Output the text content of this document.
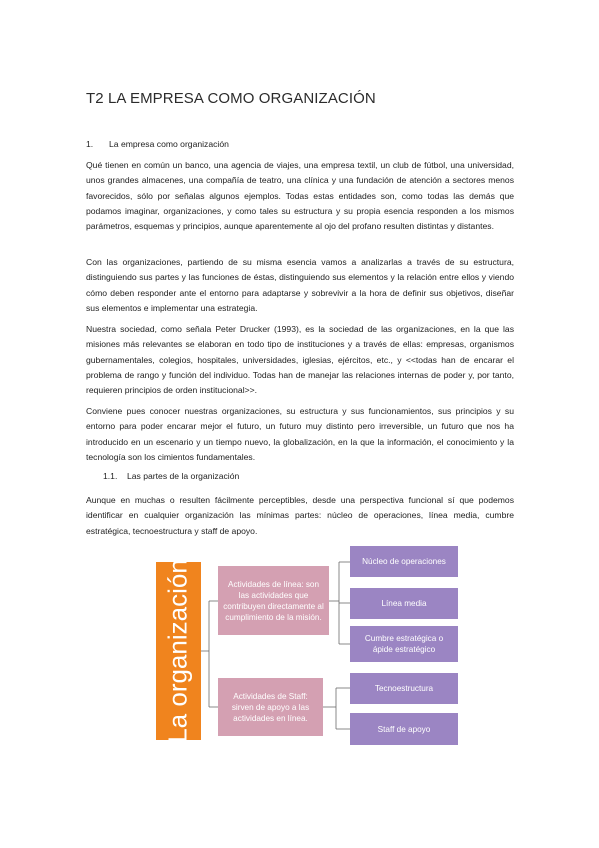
T2 LA EMPRESA COMO ORGANIZACIÓN
1. La empresa como organización

Qué tienen en común un banco, una agencia de viajes, una empresa textil, un club de fútbol, una universidad, unos grandes almacenes, una compañía de teatro, una clínica y una fundación de atención a sectores menos favorecidos, sólo por señalas algunos ejemplos. Todas estas entidades son, como todas las demás que podamos imaginar, organizaciones, y como tales su estructura y su propia esencia responden a los mismos parámetros, esquemas y principios, aunque aparentemente al ojo del profano resulten distintas y distantes.

Con las organizaciones, partiendo de su misma esencia vamos a analizarlas a través de su estructura, distinguiendo sus partes y las funciones de éstas, distinguiendo sus elementos y la relación entre ellos y viendo cómo deben responder ante el entorno para adaptarse y sobrevivir a la hora de definir sus objetivos, diseñar sus elementos e implementar una estrategia.

Nuestra sociedad, como señala Peter Drucker (1993), es la sociedad de las organizaciones, en la que las misiones más relevantes se elaboran en todo tipo de instituciones y a través de ellas: empresas, organismos gubernamentales, colegios, hospitales, universidades, iglesias, ejércitos, etc., y <<todas han de encarar el problema de rango y función del individuo. Todas han de manejar las relaciones internas de poder y, por tanto, requieren principios de orden institucional>>.

Conviene pues conocer nuestras organizaciones, su estructura y sus funcionamientos, sus principios y su entorno para poder encarar mejor el futuro, un futuro muy distinto pero irreversible, un futuro que nos ha introducido en un escenario y un tiempo nuevo, la globalización, en la que la información, el conocimiento y la tecnología son los cimientos fundamentales.

1.1. Las partes de la organización

Aunque en muchas o resulten fácilmente perceptibles, desde una perspectiva funcional sí que podemos identificar en cualquier organización las mínimas partes: núcleo de operaciones, línea media, cumbre estratégica, tecnoestructura y staff de apoyo.

La organización	Actividades de línea: son las actividades que contribuyen directamente al cumplimiento de la misión.
Actividades de Staff: sirven de apoyo a las actividades en línea.
Núcleo de operaciones
Línea media
Cumbre estratégica o ápide estratégico
Tecnoestructura
Staff de apoyo
